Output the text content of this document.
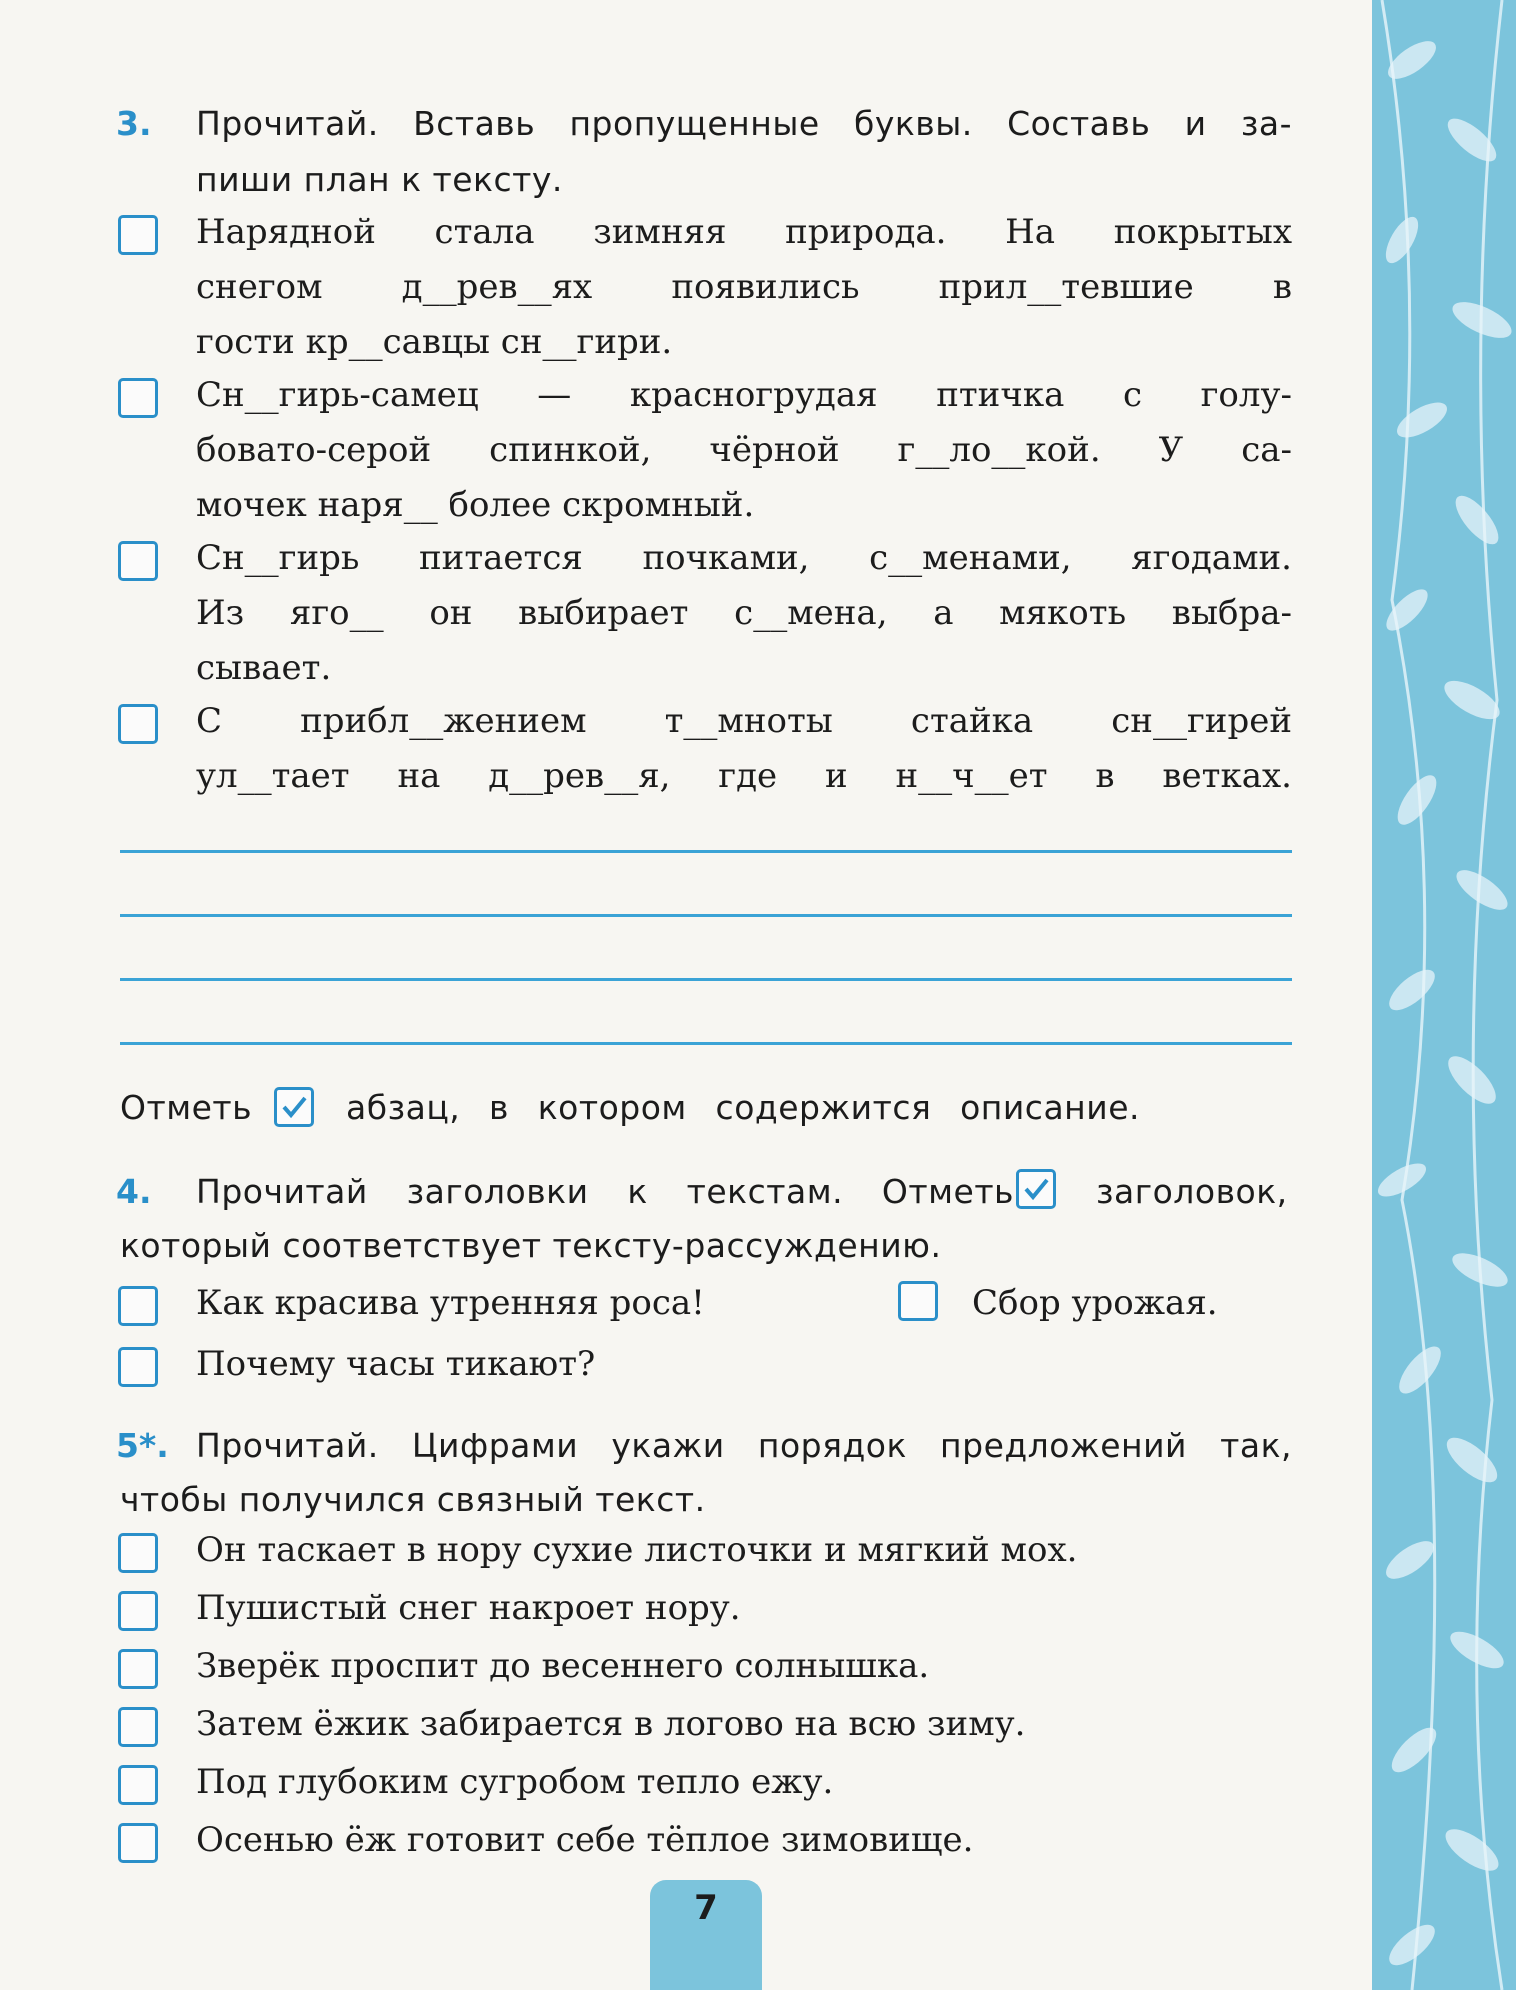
3. Прочитай. Вставь пропущенные буквы. Составь и за-
пиши план к тексту.
Нарядной стала зимняя природа. На покрытых
снегом д__рев__ях появились прил__тевшие в
гости кр__савцы сн__гири.
Сн__гирь-самец — красногрудая птичка с голу-
бовато-серой спинкой, чёрной г__ло__кой. У са-
мочек наря__ более скромный.
Сн__гирь питается почками, с__менами, ягодами.
Из яго__ он выбирает с__мена, а мякоть выбра-
сывает.
С прибл__жением т__мноты стайка сн__гирей
ул__тает на д__рев__я, где и н__ч__ет в ветках.
Отметь	абзац, в котором содержится описание.
4. Прочитай заголовки к текстам. Отметь заголовок,
который соответствует тексту-рассуждению.
Как красива утренняя роса!	Сбор урожая.
Почему часы тикают?
5*. Прочитай. Цифрами укажи порядок предложений так,
чтобы получился связный текст.
Он таскает в нору сухие листочки и мягкий мох.
Пушистый снег накроет нору.
Зверёк проспит до весеннего солнышка.
Затем ёжик забирается в логово на всю зиму.
Под глубоким сугробом тепло ежу.
Осенью ёж готовит себе тёплое зимовище.
7
